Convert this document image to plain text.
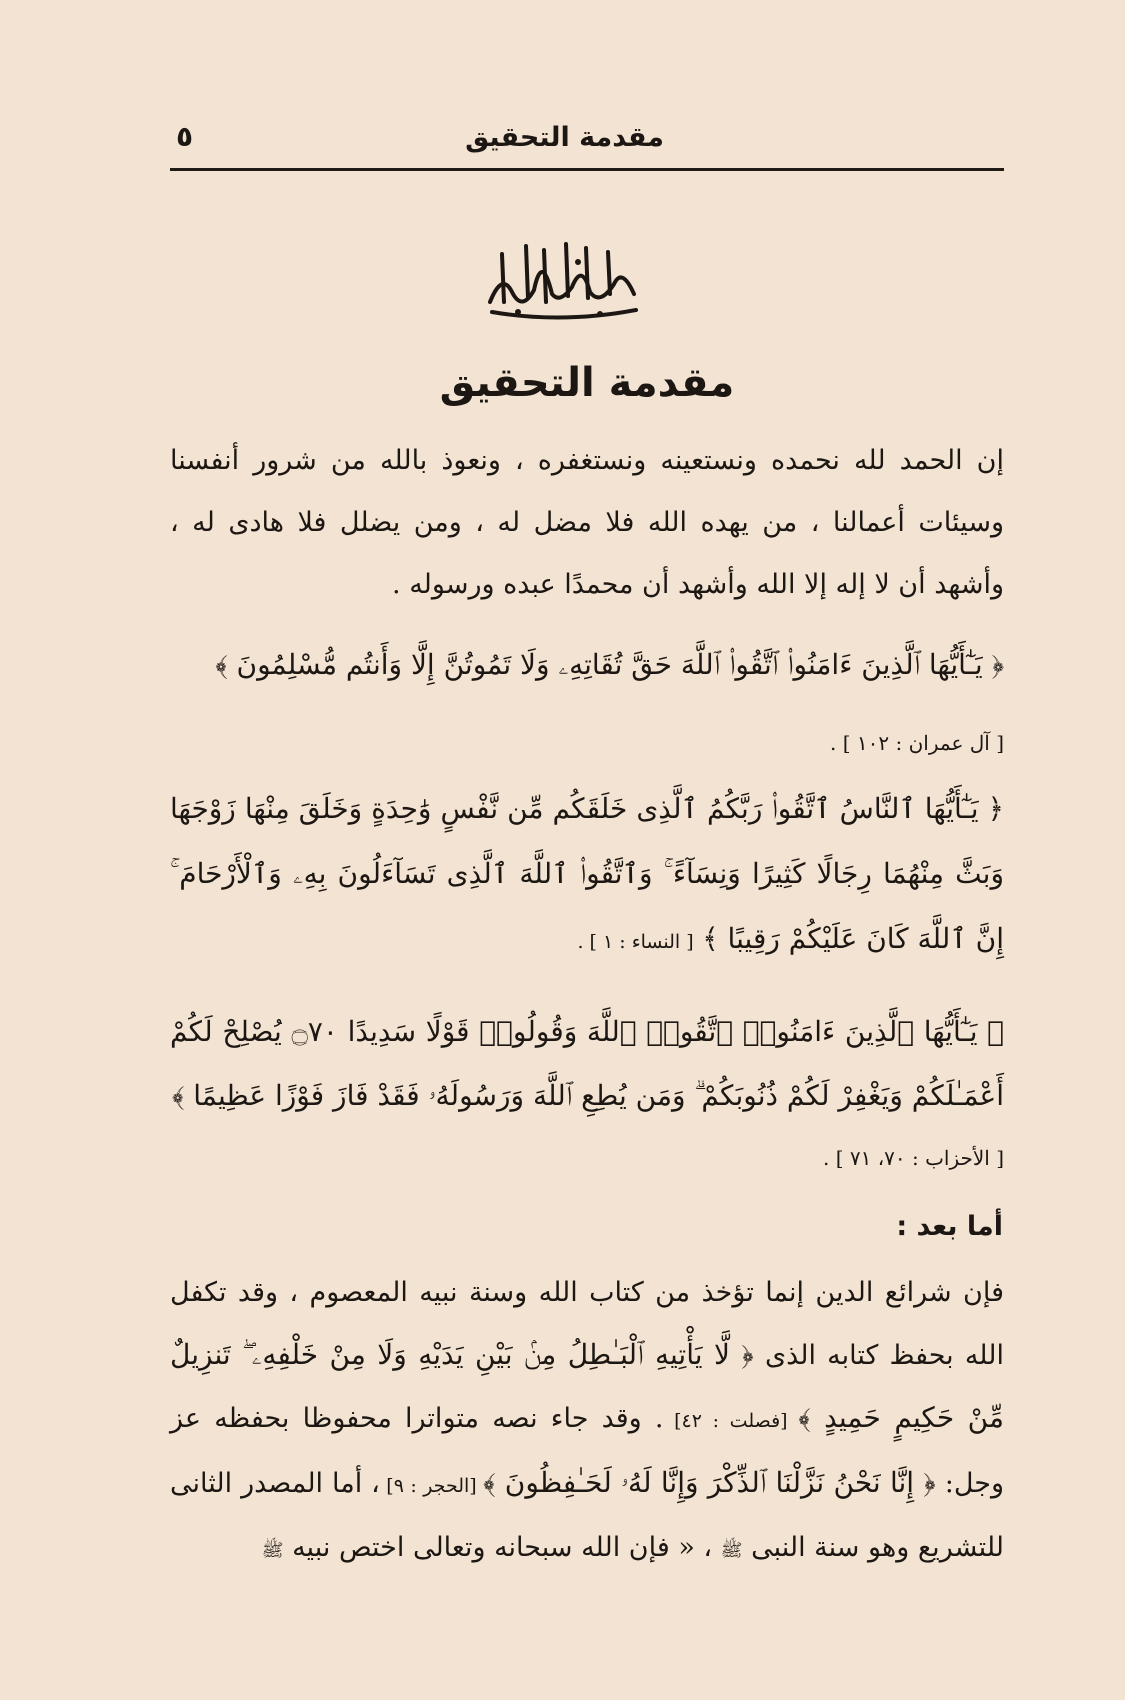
مقدمة التحقيق
٥
مقدمة التحقيق
إن الحمد لله نحمده ونستعينه ونستغفره ، ونعوذ بالله من شرور أنفسنا وسيئات أعمالنا ، من يهده الله فلا مضل له ، ومن يضلل فلا هادى له ، وأشهد أن لا إله إلا الله وأشهد أن محمدًا عبده ورسوله .
﴿ يَـٰٓأَيُّهَا ٱلَّذِينَ ءَامَنُوا۟ ٱتَّقُوا۟ ٱللَّهَ حَقَّ تُقَاتِهِۦ وَلَا تَمُوتُنَّ إِلَّا وَأَنتُم مُّسْلِمُونَ ﴾
[ آل عمران : ١٠٢ ] .
﴿ يَـٰٓأَيُّهَا ٱلنَّاسُ ٱتَّقُوا۟ رَبَّكُمُ ٱلَّذِى خَلَقَكُم مِّن نَّفْسٍ وَٰحِدَةٍ وَخَلَقَ مِنْهَا زَوْجَهَا وَبَثَّ مِنْهُمَا رِجَالًا كَثِيرًا وَنِسَآءً ۚ وَٱتَّقُوا۟ ٱللَّهَ ٱلَّذِى تَسَآءَلُونَ بِهِۦ وَٱلْأَرْحَامَ ۚ إِنَّ ٱللَّهَ كَانَ عَلَيْكُمْ رَقِيبًا ﴾ [ النساء : ١ ] .
﴿ يَـٰٓأَيُّهَا ٱلَّذِينَ ءَامَنُوا۟ ٱتَّقُوا۟ ٱللَّهَ وَقُولُوا۟ قَوْلًا سَدِيدًا ۝٧٠ يُصْلِحْ لَكُمْ أَعْمَـٰلَكُمْ وَيَغْفِرْ لَكُمْ ذُنُوبَكُمْ ۗ وَمَن يُطِعِ ٱللَّهَ وَرَسُولَهُۥ فَقَدْ فَازَ فَوْزًا عَظِيمًا ﴾
[ الأحزاب : ٧٠، ٧١ ] .
أما بعد :
فإن شرائع الدين إنما تؤخذ من كتاب الله وسنة نبيه المعصوم ، وقد تكفل الله بحفظ كتابه الذى ﴿ لَّا يَأْتِيهِ ٱلْبَـٰطِلُ مِنۢ بَيْنِ يَدَيْهِ وَلَا مِنْ خَلْفِهِۦ ۖ تَنزِيلٌ مِّنْ حَكِيمٍ حَمِيدٍ ﴾ [فصلت : ٤٢] . وقد جاء نصه متواترا محفوظا بحفظه عز وجل: ﴿ إِنَّا نَحْنُ نَزَّلْنَا ٱلذِّكْرَ وَإِنَّا لَهُۥ لَحَـٰفِظُونَ ﴾ [الحجر : ٩] ، أما المصدر الثانى للتشريع وهو سنة النبى ﷺ ، « فإن الله سبحانه وتعالى اختص نبيه ﷺ
